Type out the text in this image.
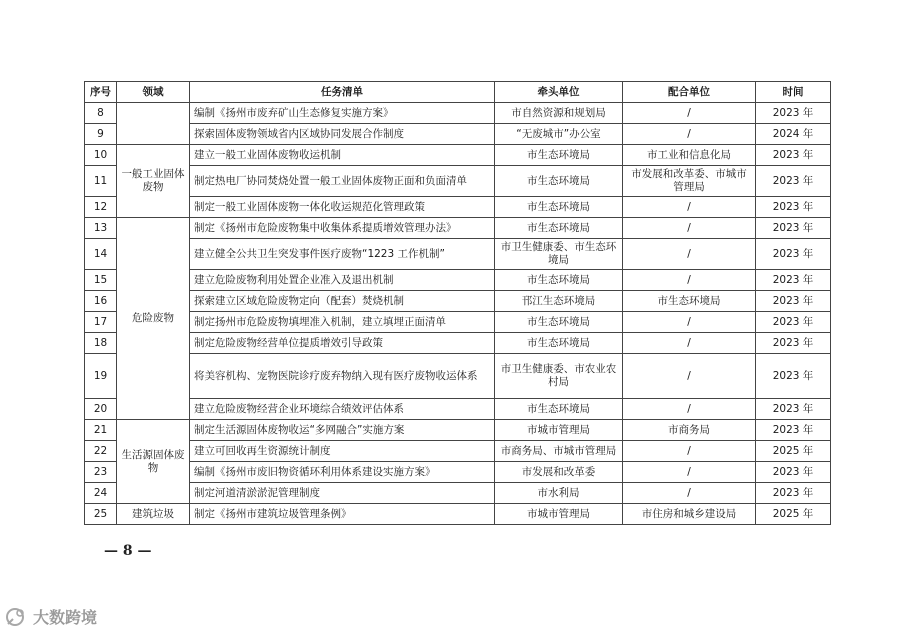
序号	领域	任务清单	牵头单位	配合单位	时间
8		编制《扬州市废弃矿山生态修复实施方案》	市自然资源和规划局	/	2023 年
9		探索固体废物领域省内区域协同发展合作制度	“无废城市”办公室	/	2024 年
10	一般工业固体废物	建立一般工业固体废物收运机制	市生态环境局	市工业和信息化局	2023 年
11		制定热电厂协同焚烧处置一般工业固体废物正面和负面清单	市生态环境局	市发展和改革委、市城市管理局	2023 年
12		制定一般工业固体废物一体化收运规范化管理政策	市生态环境局	/	2023 年
13	危险废物	制定《扬州市危险废物集中收集体系提质增效管理办法》	市生态环境局	/	2023 年
14		建立健全公共卫生突发事件医疗废物“1223 工作机制”	市卫生健康委、市生态环境局	/	2023 年
15		建立危险废物利用处置企业准入及退出机制	市生态环境局	/	2023 年
16		探索建立区域危险废物定向（配套）焚烧机制	邗江生态环境局	市生态环境局	2023 年
17		制定扬州市危险废物填埋准入机制，建立填埋正面清单	市生态环境局	/	2023 年
18		制定危险废物经营单位提质增效引导政策	市生态环境局	/	2023 年
19		将美容机构、宠物医院诊疗废弃物纳入现有医疗废物收运体系	市卫生健康委、市农业农村局	/	2023 年
20		建立危险废物经营企业环境综合绩效评估体系	市生态环境局	/	2023 年
21	生活源固体废物	制定生活源固体废物收运“多网融合”实施方案	市城市管理局	市商务局	2023 年
22		建立可回收再生资源统计制度	市商务局、市城市管理局	/	2025 年
23		编制《扬州市废旧物资循环利用体系建设实施方案》	市发展和改革委	/	2023 年
24		制定河道清淤淤泥管理制度	市水利局	/	2023 年
25	建筑垃圾	制定《扬州市建筑垃圾管理条例》	市城市管理局	市住房和城乡建设局	2025 年
— 8 —
大数跨境
